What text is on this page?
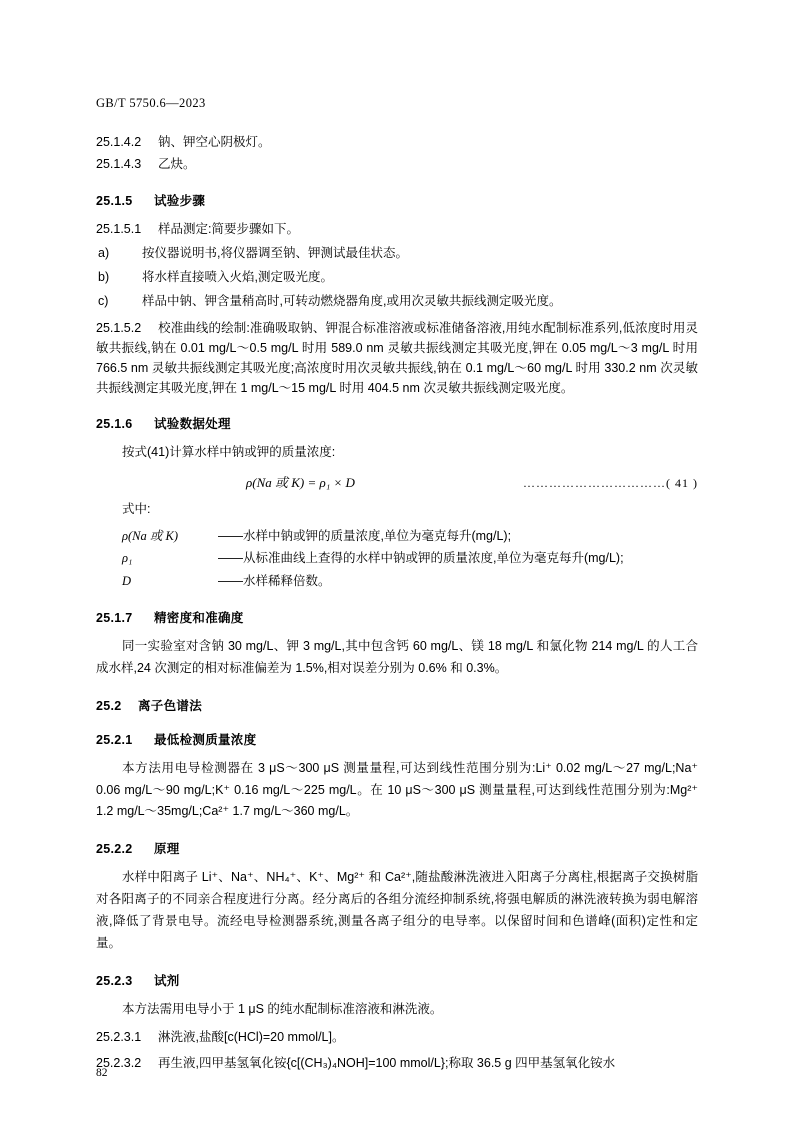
GB/T 5750.6—2023
25.1.4.2 钠、钾空心阴极灯。
25.1.4.3 乙炔。
25.1.5 试验步骤
25.1.5.1 样品测定:简要步骤如下。
a)	按仪器说明书,将仪器调至钠、钾测试最佳状态。
b)	将水样直接喷入火焰,测定吸光度。
c)	样品中钠、钾含量稍高时,可转动燃烧器角度,或用次灵敏共振线测定吸光度。
25.1.5.2 校准曲线的绘制:准确吸取钠、钾混合标准溶液或标准储备溶液,用纯水配制标准系列,低浓度时用灵敏共振线,钠在 0.01 mg/L～0.5 mg/L 时用 589.0 nm 灵敏共振线测定其吸光度,钾在 0.05 mg/L～3 mg/L 时用 766.5 nm 灵敏共振线测定其吸光度;高浓度时用次灵敏共振线,钠在 0.1 mg/L～60 mg/L 时用 330.2 nm 次灵敏共振线测定其吸光度,钾在 1 mg/L～15 mg/L 时用 404.5 nm 次灵敏共振线测定吸光度。
25.1.6 试验数据处理
按式(41)计算水样中钠或钾的质量浓度:
ρ(Na 或 K) = ρ₁ × D	……………………………( 41 )
式中:
ρ(Na 或 K)	——水样中钠或钾的质量浓度,单位为毫克每升(mg/L);
ρ₁	——从标准曲线上查得的水样中钠或钾的质量浓度,单位为毫克每升(mg/L);
D	——水样稀释倍数。
25.1.7 精密度和准确度
同一实验室对含钠 30 mg/L、钾 3 mg/L,其中包含钙 60 mg/L、镁 18 mg/L 和氯化物 214 mg/L 的人工合成水样,24 次测定的相对标准偏差为 1.5%,相对误差分别为 0.6% 和 0.3%。
25.2 离子色谱法
25.2.1 最低检测质量浓度
本方法用电导检测器在 3 μS～300 μS 测量量程,可达到线性范围分别为:Li⁺ 0.02 mg/L～27 mg/L;Na⁺ 0.06 mg/L～90 mg/L;K⁺ 0.16 mg/L～225 mg/L。在 10 μS～300 μS 测量量程,可达到线性范围分别为:Mg²⁺ 1.2 mg/L～35mg/L;Ca²⁺ 1.7 mg/L～360 mg/L。
25.2.2 原理
水样中阳离子 Li⁺、Na⁺、NH₄⁺、K⁺、Mg²⁺ 和 Ca²⁺,随盐酸淋洗液进入阳离子分离柱,根据离子交换树脂对各阳离子的不同亲合程度进行分离。经分离后的各组分流经抑制系统,将强电解质的淋洗液转换为弱电解溶液,降低了背景电导。流经电导检测器系统,测量各离子组分的电导率。以保留时间和色谱峰(面积)定性和定量。
25.2.3 试剂
本方法需用电导小于 1 μS 的纯水配制标准溶液和淋洗液。
25.2.3.1 淋洗液,盐酸[c(HCl)=20 mmol/L]。
25.2.3.2 再生液,四甲基氢氧化铵{c[(CH₃)₄NOH]=100 mmol/L};称取 36.5 g 四甲基氢氧化铵水
82
